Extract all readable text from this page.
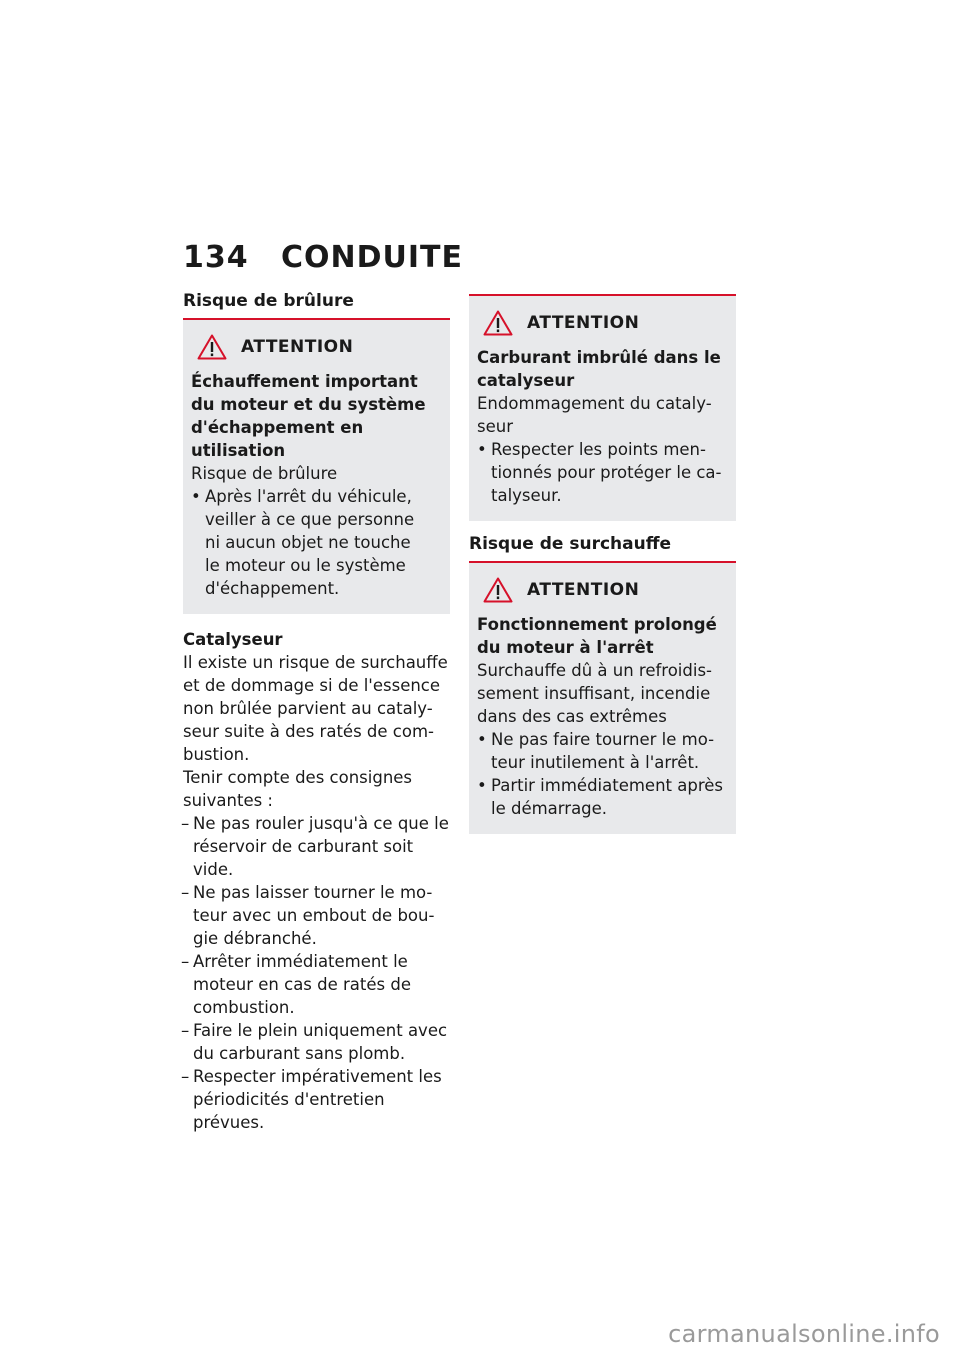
134 CONDUITE
Risque de brûlure
ATTENTION
Échauffement important
du moteur et du système
d'échappement en utilisation
Risque de brûlure
• Après l'arrêt du véhicule, veiller à ce que personne ni aucun objet ne touche le moteur ou le système d'échappement.
Catalyseur
Il existe un risque de surchauffe et de dommage si de l'essence non brûlée parvient au cataly-seur suite à des ratés de com-bustion.
Tenir compte des consignes suivantes :
– Ne pas rouler jusqu'à ce que le réservoir de carburant soit vide.
– Ne pas laisser tourner le mo-teur avec un embout de bou-gie débranché.
– Arrêter immédiatement le moteur en cas de ratés de combustion.
– Faire le plein uniquement avec du carburant sans plomb.
– Respecter impérativement les périodicités d'entretien prévues.
ATTENTION
Carburant imbrûlé dans le catalyseur
Endommagement du cataly-seur
• Respecter les points men-tionnés pour protéger le ca-talyseur.
Risque de surchauffe
ATTENTION
Fonctionnement prolongé du moteur à l'arrêt
Surchauffe dû à un refroidis-sement insuffisant, incendie dans des cas extrêmes
• Ne pas faire tourner le mo-teur inutilement à l'arrêt.
• Partir immédiatement après le démarrage.
carmanualsonline.info
